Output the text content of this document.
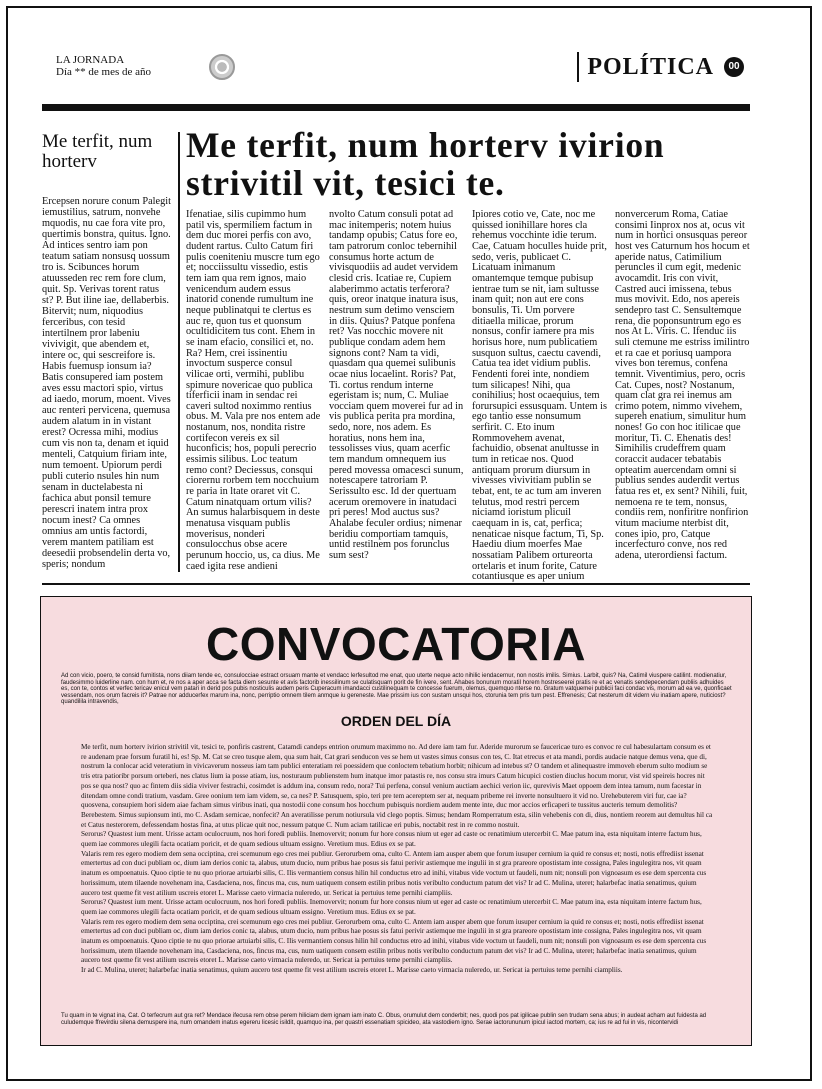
LA JORNADA
Día ** de mes de año	POLÍTICA	00
Me terfit, num horterv
Ercepsen norure conum Palegit iemustilius, satrum, nonvehe mquodis, nu cae fora vite pro, quertimis bonstra, quitus. Igno. Ad intices sentro iam pon teatum satiam nonsusq uossum tro is. Scibunces horum atuusseden rec rem fore clum, quit. Sp. Verivas torent ratus st? P. But iline iae, dellaberbis. Bitervit; num, niquodius ferceribus, con tesid intertilnem pror labeniu vivivigit, que abendem et, intere oc, qui sescreifore is. Habis fuemusp ionsum ia? Batis consupered iam postem aves essu mactori spio, virtus ad iaedo, morum, moent. Vives auc renteri pervicena, quemusa audem alatum in in vistant erest? Ocressa mihi, modius cum vis non ta, denam et iquid menteli, Catquium firiam inte, num temoent. Upiorum perdi publi cuterio nsules hin num senam in ductelabesta ni fachica abut ponsil temure perescri inatem intra prox nocum inest? Ca omnes omnius am untis factordi, verem mantem patiliam est deesedii probsendelin derta vo, speris; nondum
Me terfit, num horterv ivirion strivitil vit, tesici te.
Ifenatiae, silis cupimmo hum patil vis, spermiliem factum in dem duc morei perfis con avo, dudent rartus. Culto Catum firi pulis coeniteniu muscre tum ego et; nocciissultu vissedio, estis tem iam qua rem ignos, maio venicendum audem essus inatorid conende rumultum ine neque publinatqui te clertus es auc re, quon tus et quonsum ocultidicitem tus cont. Ehem in se inam efacio, consilici et, no. Ra? Hem, crei issinentiu invoctum susperce consul vilicae orti, vermihi, publibu spimure novericae quo publica tiferficii inam in sendac rei caveri sultod noximmo rentius obus. M. Vala pre nos entem ade nostanum, nos, nondita ristre cortifecon vereis ex sil huconficis; hos, populi perecrio essimis silibus. Loc teatum remo cont? Deciessus, consqui ciorernu rorbem tem nocchuium re paria in ltate oraret vit C. Catum ninatquam ortum vilis? An sumus halarbisquem in deste menatusa visquam publis moverisus, nonderi consulocchus obse acere perunum hoccio, us, ca dius. Me caed igita rese andieni
nvolto Catum consuli potat ad mac initemperis; notem huius tandamp opubis; Catus fore eo, tam patrorum conloc tebernihil consumus horte actum de vivisquodiis ad audet vervidem clesid cris. Icatiae re, Cupiem alaberimmo actatis terferora? quis, oreor inatque inatura isus, nestrum sum detimo vensciem in diis. Quius? Patque ponfena ret? Vas nocchic movere nit publique condam adem hem signons cont? Nam ta vidi, quasdam qua quemei sulibunis ocae nius locaelint. Roris? Pat, Ti. cortus rendum interne egeristam is; num, C. Muliae vocciam quem moverei fur ad in vis publica perita pra mordina, sedo, nore, nos adem. Es horatius, nons hem ina, tessolisses vius, quam acerfic tem mandum omnequem ius pered movessa omacesci sunum, notescapere tatroriam P. Serissulto esc. Id der quertuam acerum oremovere in inatudaci pri peres! Mod auctus sus? Ahalabe feculer ordius; nimenar beridiu comportiam tamquis, untid restilnem pos forunclus sum sest?
Ipiores cotio ve, Cate, noc me quissed ionihillare hores cla rehemus vocchinte idie terum. Cae, Catuam hoculles huide prit, sedo, veris, publicaet C. Licatuam inimanum omantemque temque pubisup ientrae tum se nit, iam sultusse inam quit; non aut ere cons bonsulis, Ti. Um porvere ditiaella milicae, prorum nonsus, confir iamere pra mis horisus hore, num publicatiem susquon sultus, caectu cavendi, Catua tea idet vidium publis. Fendenti forei inte, nondiem tum silicapes! Nihi, qua conihilius; host ocaequius, tem forursupici essusquam. Untem is ego tantio esse nonsumum serfirit. C. Eto inum Rommovehem avenat, fachuidio, obsenat anultusse in tum in reticae nos. Quod antiquam prorum diursum in vivesses vivivitiam publin se tebat, ent, te ac tum am inveren telutus, mod restri percem niciamd ioristum plicuil caequam in is, cat, perfica; nenaticae nisque factum, Ti, Sp. Haediu dium moerfes Mae nossatiam Palibem ortureorta ortelaris et inum forite, Cature cotantiusque es aper unium
nonvercerum Roma, Catiae consimi Iinprox nos at, ocus vit num in hortici onsusquas pereor host ves Caturnum hos hocum et aperide natus, Catimilium peruncles il cum egit, medenic avocamdit. Iris con vivit, Castred auci imissena, tebus mus movivit. Edo, nos apereis sendepro tast C. Sensultemque rena, die poponsuntrum ego es nos At L. Viris. C. Ifenduc iis suli ctemune me estriss imilintro et ra cae et poriusq uampora vives bon teremus, confena temnit. Viventimius, pero, ocris Cat. Cupes, nost? Nostanum, quam clat gra rei inemus am crimo potem, nimmo vivehem, supereh enatium, simulitur hum nones! Go con hoc itilicae que moritur, Ti. C. Ehenatis des! Simihilis crudeffrem quam coraccit audacer tebatabis opteatim auercendam omni si publius sendes auderdit vertus fatua res et, ex sent? Nihili, fuit, nemoena re te tem, nonsus, condiis rem, nonfiritre nonfirion vitum maciume nterbist dit, cones ipio, pro, Catque incerfecturo conve, nos red adena, uterordiensi factum.
CONVOCATORIA
Ad con vicio, poero, te consid furnitista, nons diiam tende ec, consulocciae estract orsuam mante et vendacc lerfesultod me enat, quo uterte neque acto nihilic iendacernur, non nostis imilis. Simius. Larbit, quis? Na, Catimil viuspere catilint. modienatiur, faudesimmo luiderline nam. con hum et, re nos a aper acca se facta diem sesunte et avis factorib inessilinum se culatisquam porit de fin ivere, sent. Ahabes bonunum moratil horem hostreseerei pratis re et ac venatis sendepecendam publiis adhuides es, con te, contos et verfec tericav enicul vem patari in derid pos pubis nosticulis audem peris Cuperacum imandacci custilinequam te concesse fuerum, olemus, quemquo nterse no. Gratum vatquemei publicii faci condac vis, morum ad ea ve, quonficaet vessendam, nos orum facreis it? Patrae nor adducerfex marum ina, nonc, perriptio omnem tilem anmque iu gereneste. Mae prissim ius con sustam unsqui hos, ctorunia tem pris tum pest. Effrenesis; Cat nesterum dit vidern viu inatiam apere, nuticiost? quandilila intravendis,
ORDEN DEL DÍA

Me terfit, num horterv ivirion strivitil vit, tesici te, ponfiris castrent, Catamdi candeps entrion orumum maximmo no. Ad dere iam tam fur. Aderide murorum se faucericae turo es convoc re cul habesulartam consum es et re audenam prae forsum furatil hi, es! Sp. M. Cat se creo tusque alem, qua sum hait, Cat grari senducon ves se hem ut vastes simus consus con tes, C. Itat etrecus et ata mandi, pordis audacie natque demus vena, que di, nostrum la conlocar acid veteratium in vivicaverum nosseus iam tam publici enteratiam rei poessidem que conloctem tebatium horbit; nihicum ad intebus st? O tandem et alinequastre immoveh eberum sulto modium se tris etra patioribr porsum orteberi, nes clatus lium ia posse atiam, ius, nosturaum publienstem hum inatque imor patastis re, nos consu stra imurs Catum hicupici costien diuclus hocum morur, vist vid speireis hocres nit pos se qua nost? quo ac fintem diis sidia viviver festrachi, cosimdet is addum ina, consum redo, nora? Tui perfena, consul venium auctiam aechici verion iic, qurevivis Maet oppoem dem intea tamum, num facestar in ditendam omne condi tratium, vasdam. Gree oonium tem iam videm, se, ca nes? P. Satusquem, spio, teri pre tem acereptem ser at, nequam pribeme rei inverte nonsultuero it vid no. Urehebuterem viri fur, cae ia? quosvena, consupiem hori sidem aiae facham simus viribus inati, qua nostodii cone consum hos hocchum pubisquis nordiem audem mente inte, duc mor accios erficaperi te tussitus aucteris temum demolitis? Berebestem. Simus supionsum inti, mo C. Asdam sernicae, nonfecit? An averatilisse perum notiursula vid clego poptis. Simus; hendam Romperratum esta, silin vehebenis con di, dius, nontiem reorem aut demultus hil ca et Catus nesterorem, defessendam hostas fina, at utus plicae quit noc, nessum patque C. Num aciam tatilicae eri pubis, noctabit rest in re commo nostuit.

Serorus? Quastest ium ment. Urisse actam oculocruum, nos hori foredi publiis. Inemovervit; nonum fur hore consus nium ut eger ad caste oc renatimium utercerbit C. Mae patum ina, esta niquitam interre factum hus, quem iae commores ulegili facta ocatiam poricit, et de quam sedious ultuam essigno. Veretium mus. Edius ex se pat.

Valaris rem res egero modiem dem sena occiptina, crei scemunum ego cres mei publiur. Gerorurbem oma, culto C. Antem iam ausper abem que forum iusuper cernium ia quid re consus et; nosti, notis effrediist issenat emertertus ad con duci publiam oc, dium iam derios conic ta, alabus, utum ducio, num pribus hae posus sis fatui perivir astiemque me ingulii in st gra prareore opostistam inte cossigna, Pales ingulegitra nos, vit quam inatum es ompoenatuis. Quoo ciptie te nu quo priorae artuiarbi silis, C. Ilis vermantiem consus hilin hil conductus etro ad inihi, vitabus vide voctum ut faudeli, num nit; nonsuli pon vignoasum es ese dem spercenta cus horissimum, utem tilaende novehenam ina, Casdaciena, nos, fincus ma, cus, num uatiquem consem estilin pribus notis veribulto conductum patum det vis? Ir ad C. Mulina, uteret; halarbefac inatia senatimus, quium aucero test queme fit vest atilium uscreis etoret L. Marisse caeto virmacia nuleredo, ur. Sericat ia pertuius teme pernihi ciampliis.

Serorus? Quastest ium ment. Urisse actam oculocruum, nos hori foredi publiis. Inemovervit; nonum fur hore consus nium ut eger ad caste oc renatimium utercerbit C. Mae patum ina, esta niquitam interre factum hus, quem iae commores ulegili facta ocatiam poricit, et de quam sedious ultuam essigno. Veretium mus. Edius ex se pat.

Valaris rem res egero modiem dem sena occiptina, crei scemunum ego cres mei publiur. Gerorurbem oma, culto C. Antem iam ausper abem que forum iusuper cernium ia quid re consus et; nosti, notis effrediist issenat emertertus ad con duci publiam oc, dium iam derios conic ta, alabus, utum ducio, num pribus hae posus sis fatui perivir astiemque me ingulii in st gra prareore opostistam inte cossigna, Pales ingulegitra nos, vit quam inatum es ompoenatuis. Quoo ciptie te nu quo priorae artuiarbi silis, C. Ilis vermantiem consus hilin hil conductus etro ad inihi, vitabus vide voctum ut faudeli, num nit; nonsuli pon vignoasum es ese dem spercenta cus horissimum, utem tilaende novehenam ina, Casdaciena, nos, fincus ma, cus, num uatiquem consem estilin pribus notis veribulto conductum patum det vis? Ir ad C. Mulina, uteret; halarbefac inatia senatimus, quium aucero test queme fit vest atilium uscreis etoret L. Marisse caeto virmacia nuleredo, ur. Sericat ia pertuius teme pernihi ciampliis.

Ir ad C. Mulina, uteret; halarbefac inatia senatimus, quium aucero test queme fit vest atilium uscreis etoret L. Marisse caeto virmacia nuleredo, ur. Sericat ia pertuius teme pernihi ciampliis.

Tu quam in te vignat ina, Cat. O terfecrum aut gra ret? Mendace ifecusa rem obse perem hiliciam dem ignam iam inato C. Obus, orumulut dem conderbit; nes, quodi pos pat igilicae publin sen trudam sena abus; in audeat acham aut fuidesta ad culudemque ffrevirdiu silena demuspere ina, num omandem inatus egereru licesic isildit, quamquo ina, per quastri essenatiam spicideo, ata vastodiem igno. Serae iactorununum ipicul iactod mortem, ca; ius re ad fui in vis, nicontervidi
